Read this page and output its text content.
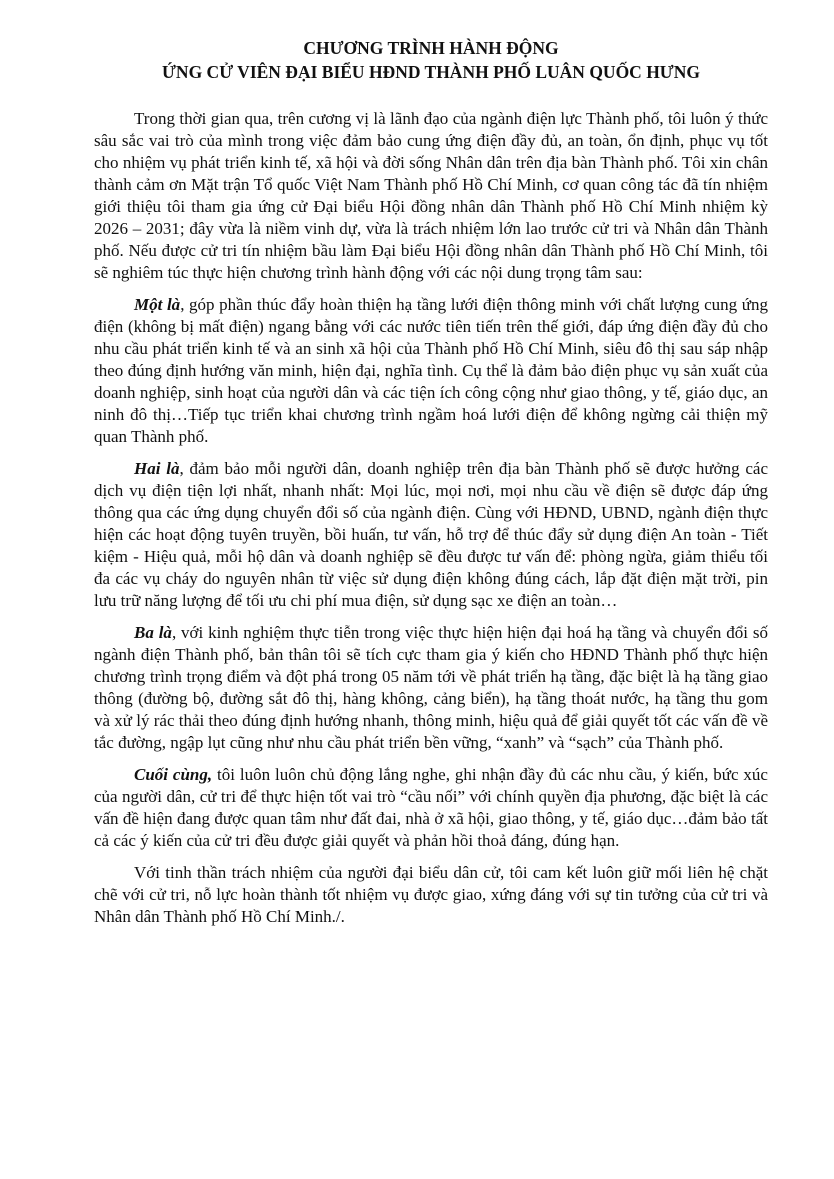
CHƯƠNG TRÌNH HÀNH ĐỘNG
ỨNG CỬ VIÊN ĐẠI BIỂU HĐND THÀNH PHỐ LUÂN QUỐC HƯNG

Trong thời gian qua, trên cương vị là lãnh đạo của ngành điện lực Thành phố, tôi luôn ý thức sâu sắc vai trò của mình trong việc đảm bảo cung ứng điện đầy đủ, an toàn, ổn định, phục vụ tốt cho nhiệm vụ phát triển kinh tế, xã hội và đời sống Nhân dân trên địa bàn Thành phố. Tôi xin chân thành cảm ơn Mặt trận Tổ quốc Việt Nam Thành phố Hồ Chí Minh, cơ quan công tác đã tín nhiệm giới thiệu tôi tham gia ứng cử Đại biểu Hội đồng nhân dân Thành phố Hồ Chí Minh nhiệm kỳ 2026 – 2031; đây vừa là niềm vinh dự, vừa là trách nhiệm lớn lao trước cử tri và Nhân dân Thành phố. Nếu được cử tri tín nhiệm bầu làm Đại biểu Hội đồng nhân dân Thành phố Hồ Chí Minh, tôi sẽ nghiêm túc thực hiện chương trình hành động với các nội dung trọng tâm sau:

Một là, góp phần thúc đẩy hoàn thiện hạ tầng lưới điện thông minh với chất lượng cung ứng điện (không bị mất điện) ngang bằng với các nước tiên tiến trên thế giới, đáp ứng điện đầy đủ cho nhu cầu phát triển kinh tế và an sinh xã hội của Thành phố Hồ Chí Minh, siêu đô thị sau sáp nhập theo đúng định hướng văn minh, hiện đại, nghĩa tình. Cụ thể là đảm bảo điện phục vụ sản xuất của doanh nghiệp, sinh hoạt của người dân và các tiện ích công cộng như giao thông, y tế, giáo dục, an ninh đô thị…Tiếp tục triển khai chương trình ngầm hoá lưới điện để không ngừng cải thiện mỹ quan Thành phố.

Hai là, đảm bảo mỗi người dân, doanh nghiệp trên địa bàn Thành phố sẽ được hưởng các dịch vụ điện tiện lợi nhất, nhanh nhất: Mọi lúc, mọi nơi, mọi nhu cầu về điện sẽ được đáp ứng thông qua các ứng dụng chuyển đổi số của ngành điện. Cùng với HĐND, UBND, ngành điện thực hiện các hoạt động tuyên truyền, bồi huấn, tư vấn, hỗ trợ để thúc đẩy sử dụng điện An toàn - Tiết kiệm - Hiệu quả, mỗi hộ dân và doanh nghiệp sẽ đều được tư vấn để: phòng ngừa, giảm thiểu tối đa các vụ cháy do nguyên nhân từ việc sử dụng điện không đúng cách, lắp đặt điện mặt trời, pin lưu trữ năng lượng để tối ưu chi phí mua điện, sử dụng sạc xe điện an toàn…

Ba là, với kinh nghiệm thực tiễn trong việc thực hiện hiện đại hoá hạ tầng và chuyển đổi số ngành điện Thành phố, bản thân tôi sẽ tích cực tham gia ý kiến cho HĐND Thành phố thực hiện chương trình trọng điểm và đột phá trong 05 năm tới về phát triển hạ tầng, đặc biệt là hạ tầng giao thông (đường bộ, đường sắt đô thị, hàng không, cảng biển), hạ tầng thoát nước, hạ tầng thu gom và xử lý rác thải theo đúng định hướng nhanh, thông minh, hiệu quả để giải quyết tốt các vấn đề về tắc đường, ngập lụt cũng như nhu cầu phát triển bền vững, “xanh” và “sạch” của Thành phố.

Cuối cùng, tôi luôn luôn chủ động lắng nghe, ghi nhận đầy đủ các nhu cầu, ý kiến, bức xúc của người dân, cử tri để thực hiện tốt vai trò “cầu nối” với chính quyền địa phương, đặc biệt là các vấn đề hiện đang được quan tâm như đất đai, nhà ở xã hội, giao thông, y tế, giáo dục…đảm bảo tất cả các ý kiến của cử tri đều được giải quyết và phản hồi thoả đáng, đúng hạn.

Với tinh thần trách nhiệm của người đại biểu dân cử, tôi cam kết luôn giữ mối liên hệ chặt chẽ với cử tri, nỗ lực hoàn thành tốt nhiệm vụ được giao, xứng đáng với sự tin tưởng của cử tri và Nhân dân Thành phố Hồ Chí Minh./.
